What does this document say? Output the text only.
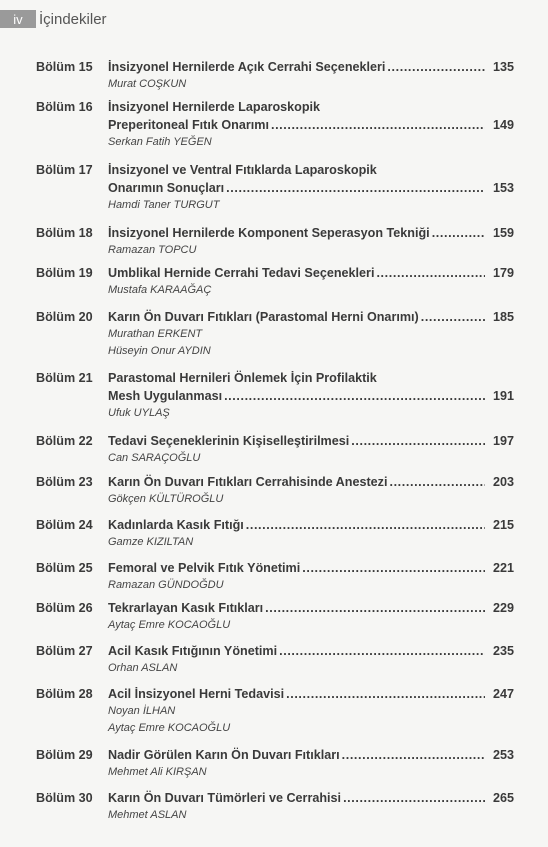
iv	İçindekiler
Bölüm 15	İnsizyonel Hernilerde Açık Cerrahi Seçenekleri .....	135
Murat COŞKUN
Bölüm 16	İnsizyonel Hernilerde Laparoskopik
Preperitoneal Fıtık Onarımı .....	149
Serkan Fatih YEĞEN
Bölüm 17	İnsizyonel ve Ventral Fıtıklarda Laparoskopik
Onarımın Sonuçları .....	153
Hamdi Taner TURGUT
Bölüm 18	İnsizyonel Hernilerde Komponent Seperasyon Tekniği .....	159
Ramazan TOPCU
Bölüm 19	Umblikal Hernide Cerrahi Tedavi Seçenekleri .....	179
Mustafa KARAAĞAÇ
Bölüm 20	Karın Ön Duvarı Fıtıkları (Parastomal Herni Onarımı) .....	185
Murathan ERKENT
Hüseyin Onur AYDIN
Bölüm 21	Parastomal Hernileri Önlemek İçin Profilaktik
Mesh Uygulanması .....	191
Ufuk UYLAŞ
Bölüm 22	Tedavi Seçeneklerinin Kişiselleştirilmesi .....	197
Can SARAÇOĞLU
Bölüm 23	Karın Ön Duvarı Fıtıkları Cerrahisinde Anestezi .....	203
Gökçen KÜLTÜROĞLU
Bölüm 24	Kadınlarda Kasık Fıtığı .....	215
Gamze KIZILTAN
Bölüm 25	Femoral ve Pelvik Fıtık Yönetimi .....	221
Ramazan GÜNDOĞDU
Bölüm 26	Tekrarlayan Kasık Fıtıkları .....	229
Aytaç Emre KOCAOĞLU
Bölüm 27	Acil Kasık Fıtığının Yönetimi .....	235
Orhan ASLAN
Bölüm 28	Acil İnsizyonel Herni Tedavisi .....	247
Noyan İLHAN
Aytaç Emre KOCAOĞLU
Bölüm 29	Nadir Görülen Karın Ön Duvarı Fıtıkları .....	253
Mehmet Ali KIRŞAN
Bölüm 30	Karın Ön Duvarı Tümörleri ve Cerrahisi .....	265
Mehmet ASLAN
